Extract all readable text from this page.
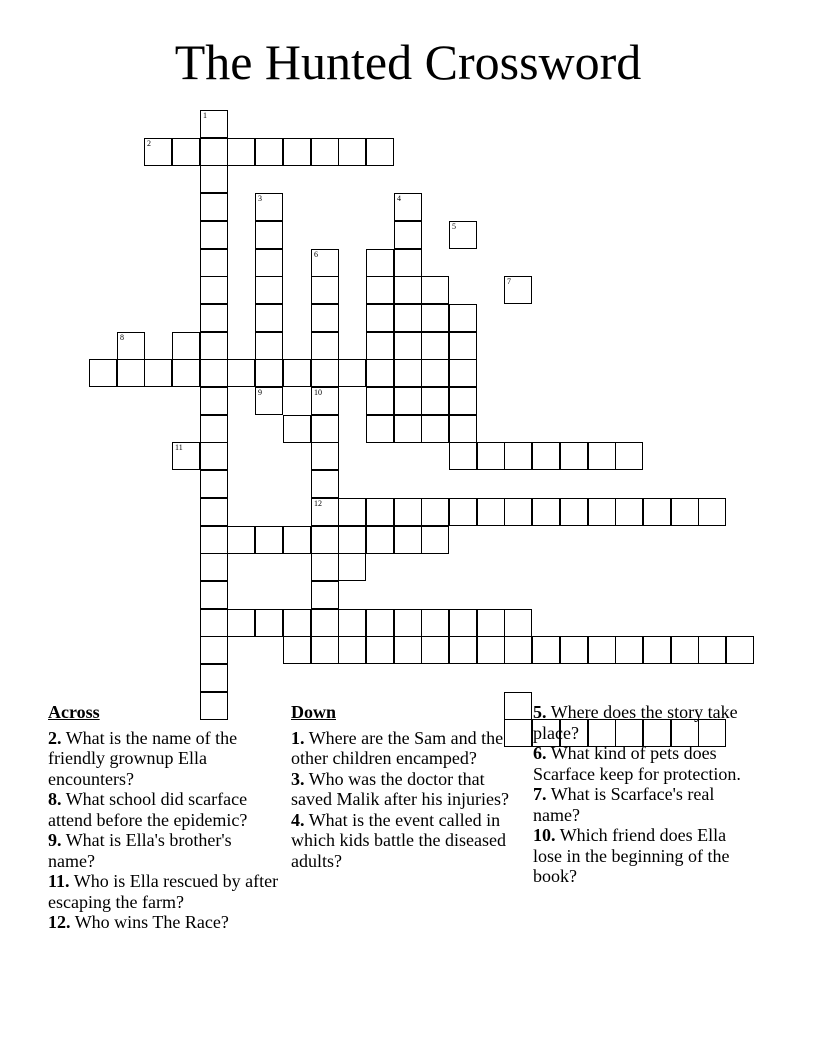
The Hunted Crossword
1
2
9
6
10
12
4
3
5
7
8
11
Across
2. What is the name of the friendly grownup Ella encounters?
8. What school did scarface attend before the epidemic?
9. What is Ella's brother's name?
11. Who is Ella rescued by after escaping the farm?
12. Who wins The Race?
Down
1. Where are the Sam and the other children encamped?
3. Who was the doctor that saved Malik after his injuries?
4. What is the event called in which kids battle the diseased adults?
5. Where does the story take place?
6. What kind of pets does Scarface keep for protection.
7. What is Scarface's real name?
10. Which friend does Ella lose in the beginning of the book?
